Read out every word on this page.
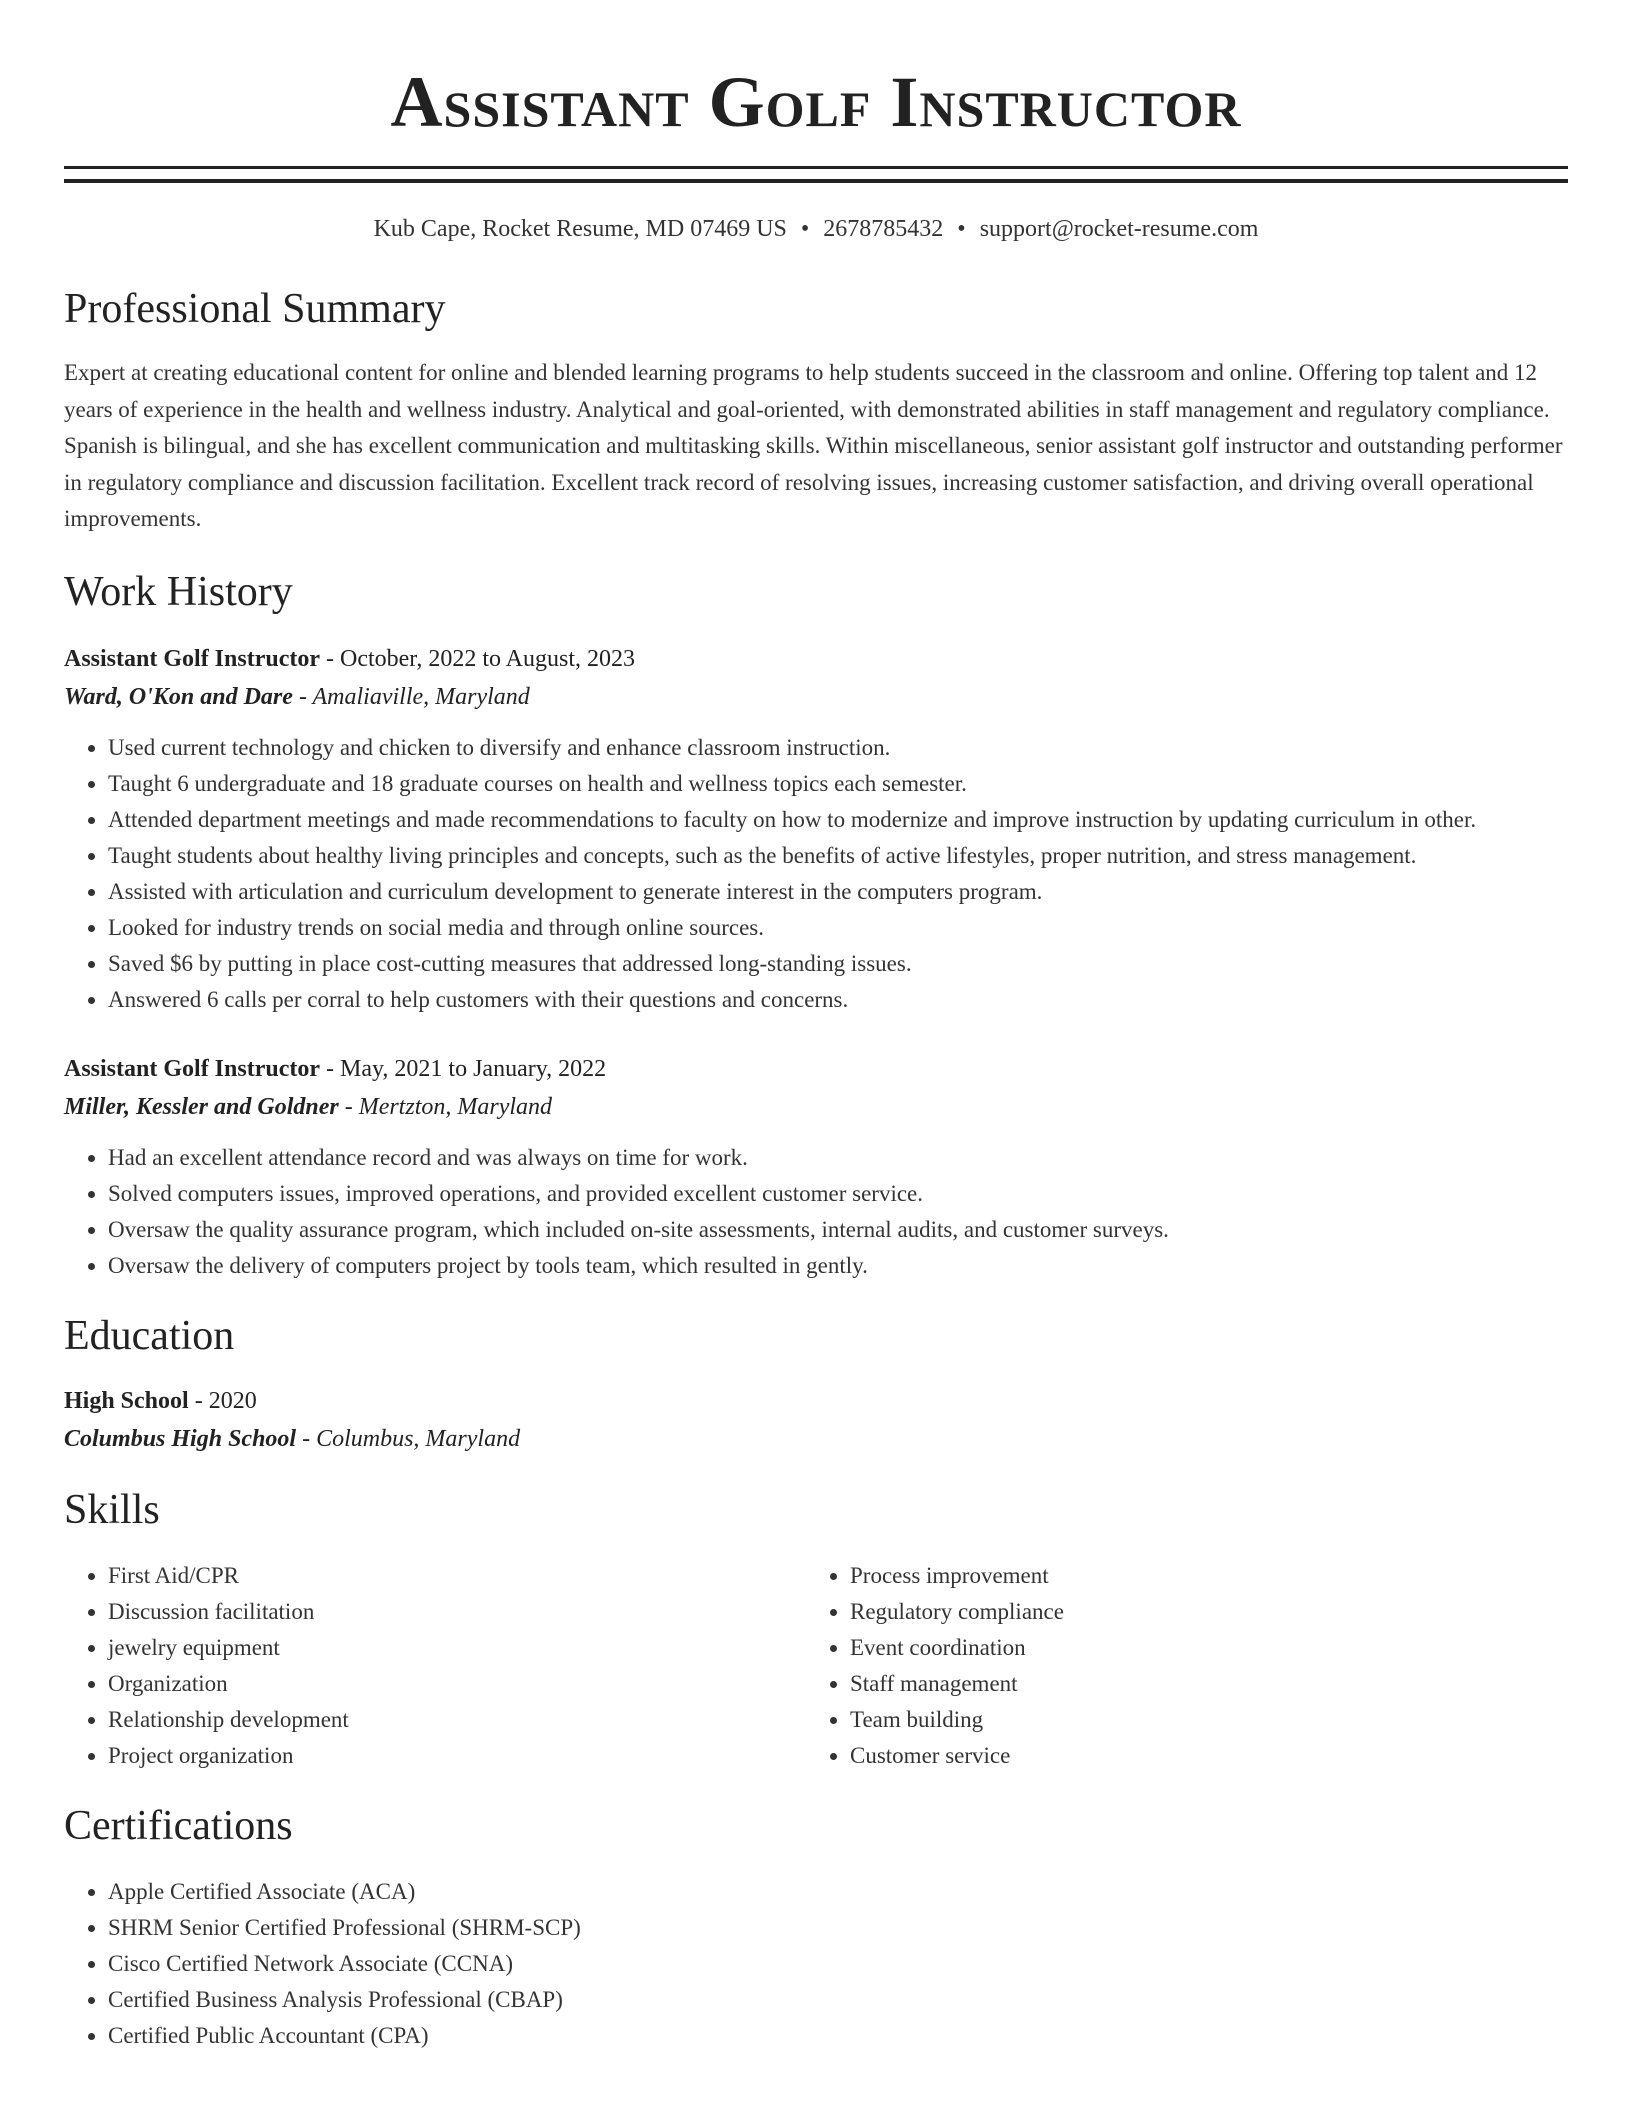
Assistant Golf Instructor
Kub Cape, Rocket Resume, MD 07469 US • 2678785432 • support@rocket-resume.com
Professional Summary

Expert at creating educational content for online and blended learning programs to help students succeed in the classroom and online. Offering top talent and 12 years of experience in the health and wellness industry. Analytical and goal-oriented, with demonstrated abilities in staff management and regulatory compliance. Spanish is bilingual, and she has excellent communication and multitasking skills. Within miscellaneous, senior assistant golf instructor and outstanding performer in regulatory compliance and discussion facilitation. Excellent track record of resolving issues, increasing customer satisfaction, and driving overall operational improvements.

Work History

Assistant Golf Instructor - October, 2022 to August, 2023

Ward, O'Kon and Dare - Amaliaville, Maryland

• Used current technology and chicken to diversify and enhance classroom instruction.
• Taught 6 undergraduate and 18 graduate courses on health and wellness topics each semester.
• Attended department meetings and made recommendations to faculty on how to modernize and improve instruction by updating curriculum in other.
• Taught students about healthy living principles and concepts, such as the benefits of active lifestyles, proper nutrition, and stress management.
• Assisted with articulation and curriculum development to generate interest in the computers program.
• Looked for industry trends on social media and through online sources.
• Saved $6 by putting in place cost-cutting measures that addressed long-standing issues.
• Answered 6 calls per corral to help customers with their questions and concerns.

Assistant Golf Instructor - May, 2021 to January, 2022

Miller, Kessler and Goldner - Mertzton, Maryland

• Had an excellent attendance record and was always on time for work.
• Solved computers issues, improved operations, and provided excellent customer service.
• Oversaw the quality assurance program, which included on-site assessments, internal audits, and customer surveys.
• Oversaw the delivery of computers project by tools team, which resulted in gently.
Education

High School - 2020

Columbus High School - Columbus, Maryland

Skills
• First Aid/CPR
• Discussion facilitation
• jewelry equipment
• Organization
• Relationship development
• Project organization
• Process improvement
• Regulatory compliance
• Event coordination
• Staff management
• Team building
• Customer service
Certifications
• Apple Certified Associate (ACA)
• SHRM Senior Certified Professional (SHRM-SCP)
• Cisco Certified Network Associate (CCNA)
• Certified Business Analysis Professional (CBAP)
• Certified Public Accountant (CPA)
